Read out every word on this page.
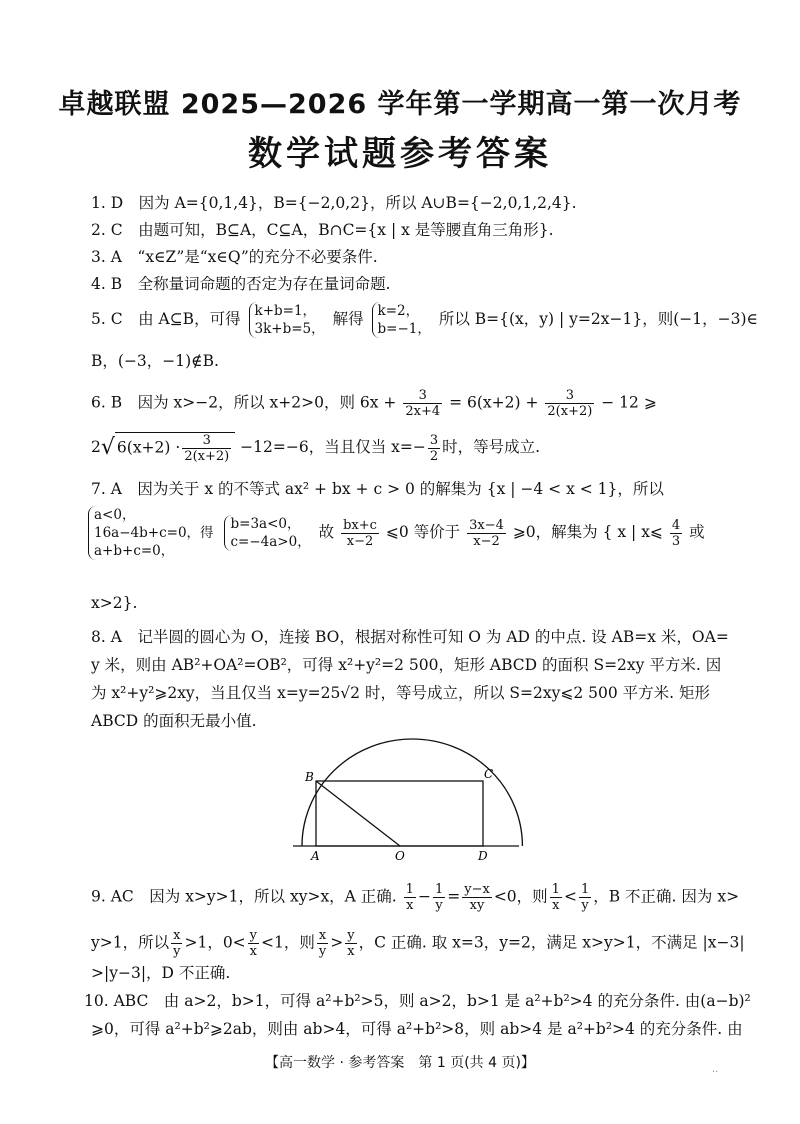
卓越联盟 2025—2026 学年第一学期高一第一次月考
数学试题参考答案
1. D　因为 A={0,1,4}，B={−2,0,2}，所以 A∪B={−2,0,1,2,4}.
2. C　由题可知，B⊆A，C⊆A，B∩C={x | x 是等腰直角三角形}.
3. A　“x∈Z”是“x∈Q”的充分不必要条件.
4. B　全称量词命题的否定为存在量词命题.
5. C　由 A⊆B，可得 k+b=1，
3k+b=5，
解得 k=2，
b=−1，
所以 B={(x，y) | y=2x−1}，则(−1，−3)∈
B，(−3，−1)∉B.
6. B　因为 x>−2，所以 x+2>0，则 $6x + \frac{3}{2x+4} = 6(x+2) + \frac{3}{2(x+2)} - 12$ ⩾
2√ $6(x+2) \cdot \frac{3}{2(x+2)} -12=-6$，当且仅当 $x=- \frac{3}{2}$ 时，等号成立.
7. A　因为关于 x 的不等式 ax² + bx + c > 0 的解集为 {x | −4 < x < 1}，所以
a<0，
16a−4b+c=0，得
a+b+c=0，

b=3a<0，
c=−4a>0，
故 $\frac{bx+c}{x-2}$ ⩽0 等价于 $\frac{3x-4}{x-2}$ ⩾0，解集为 { x | x⩽ $\frac{4}{3}$ 或
x>2}.
8. A　记半圆的圆心为 O，连接 BO，根据对称性可知 O 为 AD 的中点. 设 AB=x 米，OA=
y 米，则由 AB²+OA²=OB²，可得 x²+y²=2 500，矩形 ABCD 的面积 S=2xy 平方米. 因
为 x²+y²⩾2xy，当且仅当 x=y=25√2 时，等号成立，所以 S=2xy⩽2 500 平方米. 矩形
ABCD 的面积无最小值.
B	C
A	O	D
9. AC　因为 x>y>1，所以 xy>x，A 正确. $\frac{1}{x} - \frac{1}{y} = \frac{y-x}{xy} <0$，则 $\frac{1}{x} < \frac{1}{y}$ ，B 不正确. 因为 x>
y>1，所以 $\frac{x}{y} >1$，$0< \frac{y}{x} <1$，则 $\frac{x}{y} > \frac{y}{x}$ ，C 正确. 取 x=3，y=2，满足 x>y>1，不满足 |x−3|
>|y−3|，D 不正确.
10. ABC　由 a>2，b>1，可得 a²+b²>5，则 a>2，b>1 是 a²+b²>4 的充分条件. 由(a−b)²
⩾0，可得 a²+b²⩾2ab，则由 ab>4，可得 a²+b²>8，则 ab>4 是 a²+b²>4 的充分条件. 由
【高一数学 · 参考答案　第 1 页(共 4 页)】	..
